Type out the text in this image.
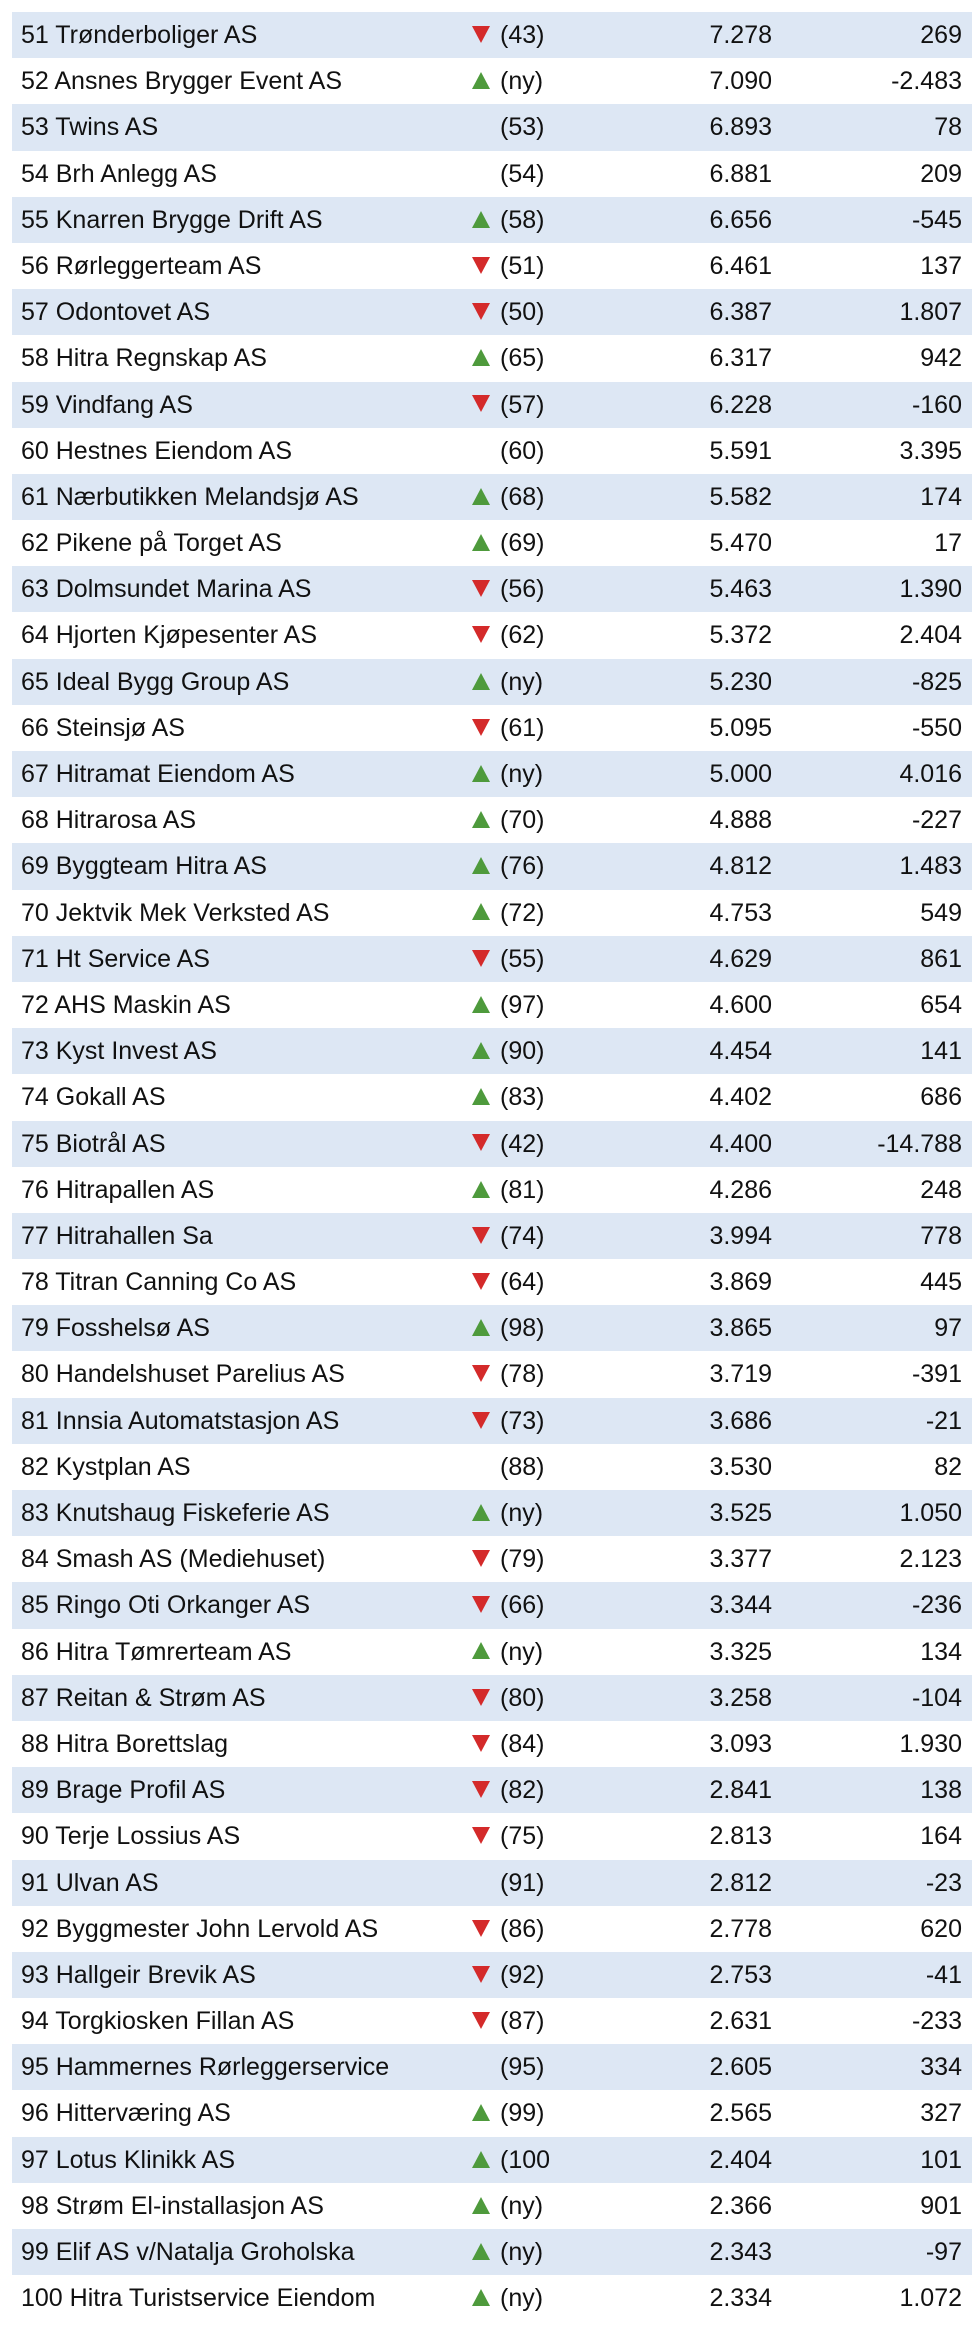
51 Trønderboliger AS	(43)	7.278	269
52 Ansnes Brygger Event AS	(ny)	7.090	-2.483
53 Twins AS	(53)	6.893	78
54 Brh Anlegg AS	(54)	6.881	209
55 Knarren Brygge Drift AS	(58)	6.656	-545
56 Rørleggerteam AS	(51)	6.461	137
57 Odontovet AS	(50)	6.387	1.807
58 Hitra Regnskap AS	(65)	6.317	942
59 Vindfang AS	(57)	6.228	-160
60 Hestnes Eiendom AS	(60)	5.591	3.395
61 Nærbutikken Melandsjø AS	(68)	5.582	174
62 Pikene på Torget AS	(69)	5.470	17
63 Dolmsundet Marina AS	(56)	5.463	1.390
64 Hjorten Kjøpesenter AS	(62)	5.372	2.404
65 Ideal Bygg Group AS	(ny)	5.230	-825
66 Steinsjø AS	(61)	5.095	-550
67 Hitramat Eiendom AS	(ny)	5.000	4.016
68 Hitrarosa AS	(70)	4.888	-227
69 Byggteam Hitra AS	(76)	4.812	1.483
70 Jektvik Mek Verksted AS	(72)	4.753	549
71 Ht Service AS	(55)	4.629	861
72 AHS Maskin AS	(97)	4.600	654
73 Kyst Invest AS	(90)	4.454	141
74 Gokall AS	(83)	4.402	686
75 Biotrål AS	(42)	4.400	-14.788
76 Hitrapallen AS	(81)	4.286	248
77 Hitrahallen Sa	(74)	3.994	778
78 Titran Canning Co AS	(64)	3.869	445
79 Fosshelsø AS	(98)	3.865	97
80 Handelshuset Parelius AS	(78)	3.719	-391
81 Innsia Automatstasjon AS	(73)	3.686	-21
82 Kystplan AS	(88)	3.530	82
83 Knutshaug Fiskeferie AS	(ny)	3.525	1.050
84 Smash AS (Mediehuset)	(79)	3.377	2.123
85 Ringo Oti Orkanger AS	(66)	3.344	-236
86 Hitra Tømrerteam AS	(ny)	3.325	134
87 Reitan & Strøm AS	(80)	3.258	-104
88 Hitra Borettslag	(84)	3.093	1.930
89 Brage Profil AS	(82)	2.841	138
90 Terje Lossius AS	(75)	2.813	164
91 Ulvan AS	(91)	2.812	-23
92 Byggmester John Lervold AS	(86)	2.778	620
93 Hallgeir Brevik AS	(92)	2.753	-41
94 Torgkiosken Fillan AS	(87)	2.631	-233
95 Hammernes Rørleggerservice	(95)	2.605	334
96 Hitterværing AS	(99)	2.565	327
97 Lotus Klinikk AS	(100	2.404	101
98 Strøm El-installasjon AS	(ny)	2.366	901
99 Elif AS v/Natalja Groholska	(ny)	2.343	-97
100 Hitra Turistservice Eiendom	(ny)	2.334	1.072
